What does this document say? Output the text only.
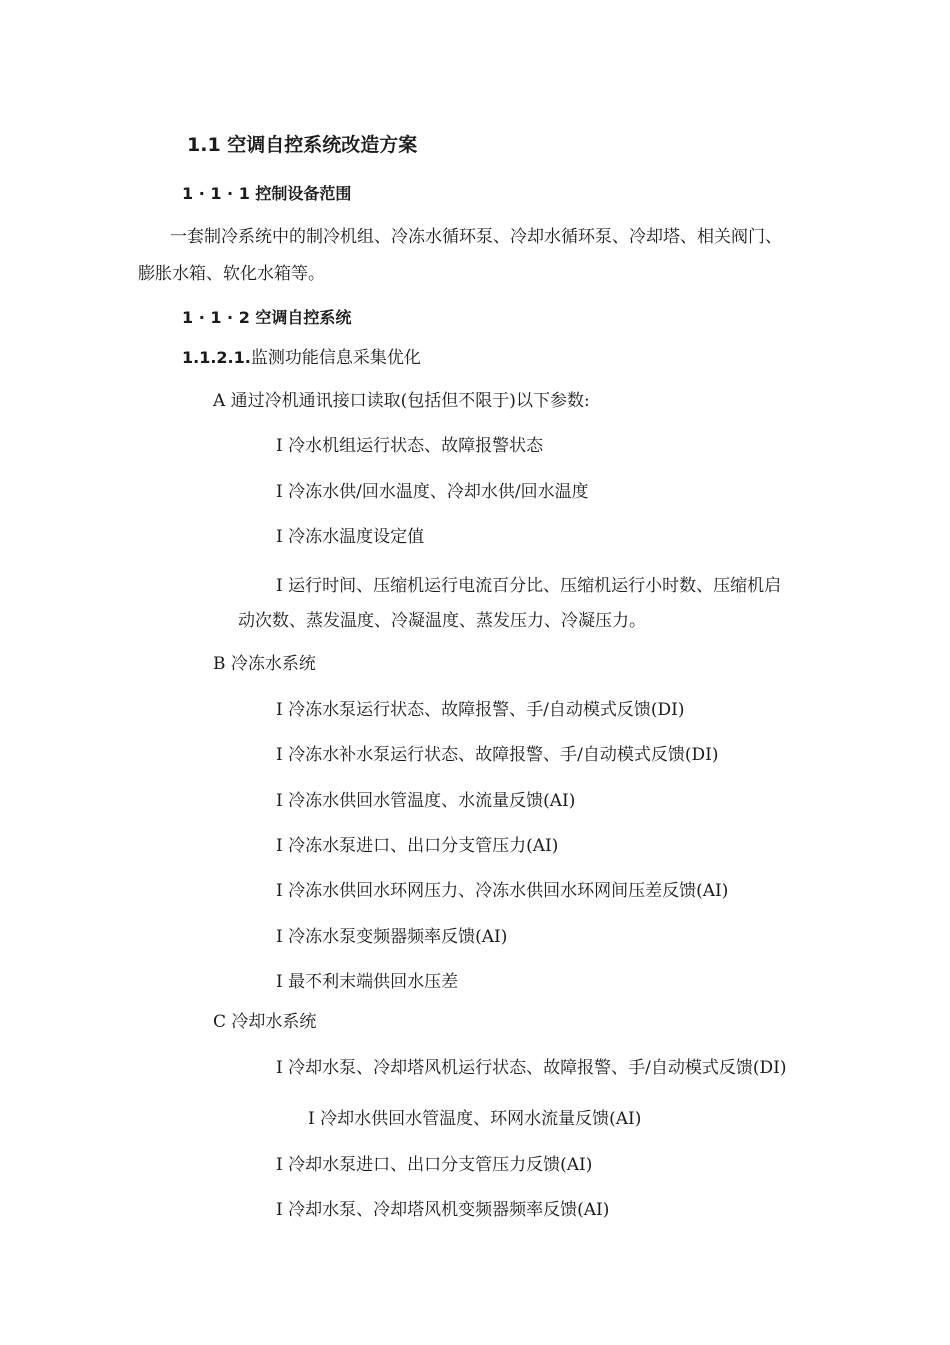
1.1 空调自控系统改造方案
1 · 1 · 1 控制设备范围
一套制冷系统中的制冷机组、冷冻水循环泵、冷却水循环泵、冷却塔、相关阀门、
膨胀水箱、软化水箱等。
1 · 1 · 2 空调自控系统
1.1.2.1.监测功能信息采集优化
A 通过冷机通讯接口读取(包括但不限于)以下参数:
I 冷水机组运行状态、故障报警状态
I 冷冻水供/回水温度、冷却水供/回水温度
I 冷冻水温度设定值
I 运行时间、压缩机运行电流百分比、压缩机运行小时数、压缩机启
动次数、蒸发温度、冷凝温度、蒸发压力、冷凝压力。
B 冷冻水系统
I 冷冻水泵运行状态、故障报警、手/自动模式反馈(DI)
I 冷冻水补水泵运行状态、故障报警、手/自动模式反馈(DI)
I 冷冻水供回水管温度、水流量反馈(AI)
I 冷冻水泵进口、出口分支管压力(AI)
I 冷冻水供回水环网压力、冷冻水供回水环网间压差反馈(AI)
I 冷冻水泵变频器频率反馈(AI)
I 最不利末端供回水压差
C 冷却水系统
I 冷却水泵、冷却塔风机运行状态、故障报警、手/自动模式反馈(DI)
I 冷却水供回水管温度、环网水流量反馈(AI)
I 冷却水泵进口、出口分支管压力反馈(AI)
I 冷却水泵、冷却塔风机变频器频率反馈(AI)
